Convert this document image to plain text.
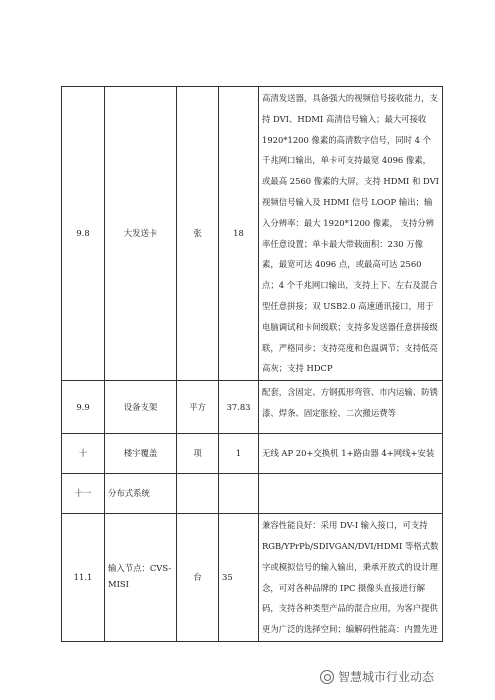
9.8	大发送卡	张	18	高清发送器，具备强大的视频信号接收能力，支持 DVI、HDMI 高清信号输入；最大可接收 1920*1200 像素的高清数字信号，同时 4 个千兆网口输出，单卡可支持最宽 4096 像素，或最高 2560 像素的大屏。支持 HDMI 和 DVI 视频信号输入及 HDMI 信号 LOOP 输出；输入分辨率：最大 1920*1200 像素， 支持分辨率任意设置；单卡最大带载面积：230 万像素，最宽可达 4096 点，或最高可达 2560 点；4 个千兆网口输出，支持上下、左右及混合型任意拼接；双 USB2.0 高速通讯接口，用于电脑调试和卡间级联；支持多发送器任意拼接级联，严格同步；支持亮度和色温调节；支持低亮高灰；支持 HDCP
9.9	设备支架	平方	37.83	配套，含固定、方钢孤形弯管、市内运输、防锈漆、焊条、固定胀栓、二次搬运费等
十	楼宇覆盖	项	1	无线 AP 20+交换机 1+路由器 4+网线+安装
十一	分布式系统			
11.1	输入节点：CVS-MISI	台	35	兼容性能良好：采用 DV-I 输入接口，可支持 RGB/YPrPb/SDIVGAN/DVI/HDMI 等格式数字或模拟信号的输入输出，秉承开放式的设计理念，可对各种品牌的 IPC 摄像头直接进行解码，支持各种类型产品的混合应用，为客户提供更为广泛的选择空间；编解码性能高：内置先进
智慧城市行业动态
